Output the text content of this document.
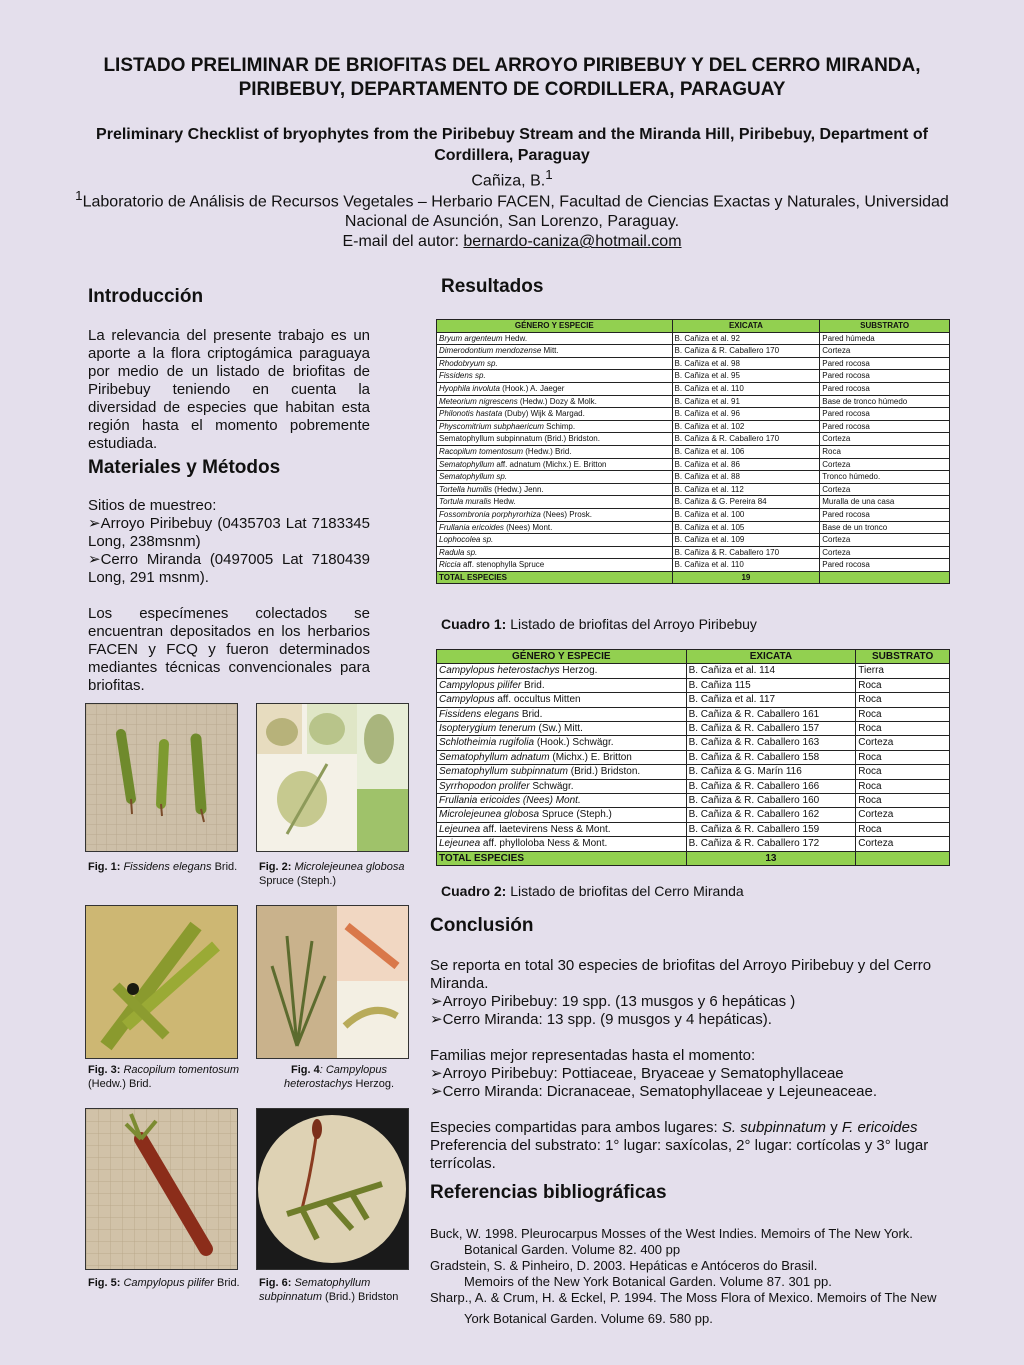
LISTADO PRELIMINAR DE BRIOFITAS DEL ARROYO PIRIBEBUY Y DEL CERRO MIRANDA, PIRIBEBUY, DEPARTAMENTO DE CORDILLERA, PARAGUAY
Preliminary Checklist of bryophytes from the Piribebuy Stream and the Miranda Hill, Piribebuy, Department of Cordillera, Paraguay
Cañiza, B.$^1$
$^1$Laboratorio de Análisis de Recursos Vegetales – Herbario FACEN, Facultad de Ciencias Exactas y Naturales, Universidad Nacional de Asunción, San Lorenzo, Paraguay.
E-mail del autor: bernardo-caniza@hotmail.com
Introducción
La relevancia del presente trabajo es un aporte a la flora criptogámica paraguaya por medio de un listado de briofitas de Piribebuy teniendo en cuenta la diversidad de especies que habitan esta región hasta el momento pobremente estudiada.
Materiales y Métodos

Sitios de muestreo:

➢ Arroyo Piribebuy (0435703 Lat 7183345 Long, 238msnm)
➢ Cerro Miranda (0497005 Lat 7180439 Long, 291 msnm).

Los especímenes colectados se encuentran depositados en los herbarios FACEN y FCQ y fueron determinados mediantes técnicas convencionales para briofitas.

Fig. 1: Fissidens elegans Brid.	Fig. 2: Microlejeunea globosa Spruce (Steph.)
Fig. 3: Racopilum tomentosum (Hedw.) Brid.
Fig. 4: Campylopus heterostachys Herzog.
Fig. 5: Campylopus pilifer Brid.	Fig. 6: Sematophyllum subpinnatum (Brid.) Bridston
Resultados
GÉNERO Y ESPECIE	EXICATA	SUBSTRATO
Bryum argenteum Hedw.	B. Cañiza et al. 92	Pared húmeda
Dimerodontium mendozense Mitt.	B. Cañiza & R. Caballero 170	Corteza
Rhodobryum sp.	B. Cañiza et al. 98	Pared rocosa
Fissidens sp.	B. Cañiza et al. 95	Pared rocosa
Hyophila involuta (Hook.) A. Jaeger	B. Cañiza et al. 110	Pared rocosa
Meteorium nigrescens (Hedw.) Dozy & Molk.	B. Cañiza et al. 91	Base de tronco húmedo
Philonotis hastata (Duby) Wijk & Margad.	B. Cañiza et al. 96	Pared rocosa
Physcomitrium subphaericum Schimp.	B. Cañiza et al. 102	Pared rocosa
Sematophyllum subpinnatum (Brid.) Bridston.	B. Cañiza & R. Caballero 170	Corteza
Racopilum tomentosum (Hedw.) Brid.	B. Cañiza et al. 106	Roca
Sematophyllum aff. adnatum (Michx.) E. Britton	B. Cañiza et al. 86	Corteza
Sematophyllum sp.	B. Cañiza et al. 88	Tronco húmedo.
Tortella humilis (Hedw.) Jenn.	B. Cañiza et al. 112	Corteza
Tortula muralis Hedw.	B. Cañiza & G. Pereira 84	Muralla de una casa
Fossombronia porphyrorhiza (Nees) Prosk.	B. Cañiza et al. 100	Pared rocosa
Frullania ericoides (Nees) Mont.	B. Cañiza et al. 105	Base de un tronco
Lophocolea sp.	B. Cañiza et al. 109	Corteza
Radula sp.	B. Cañiza & R. Caballero 170	Corteza
Riccia aff. stenophylla Spruce	B. Cañiza et al. 110	Pared rocosa
TOTAL ESPECIES	19	
Cuadro 1: Listado de briofitas del Arroyo Piribebuy
GÉNERO Y ESPECIE	EXICATA	SUBSTRATO
Campylopus heterostachys Herzog.	B. Cañiza et al. 114	Tierra
Campylopus pilifer Brid.	B. Cañiza 115	Roca
Campylopus aff. occultus Mitten	B. Cañiza et al. 117	Roca
Fissidens elegans Brid.	B. Cañiza & R. Caballero 161	Roca
Isopterygium tenerum (Sw.) Mitt.	B. Cañiza & R. Caballero 157	Roca
Schlotheimia rugifolia (Hook.) Schwägr.	B. Cañiza & R. Caballero 163	Corteza
Sematophyllum adnatum (Michx.) E. Britton	B. Cañiza & R. Caballero 158	Roca
Sematophyllum subpinnatum (Brid.) Bridston.	B. Cañiza & G. Marín 116	Roca
Syrrhopodon prolifer Schwägr.	B. Cañiza & R. Caballero 166	Roca
Frullania ericoides (Nees) Mont.	B. Cañiza & R. Caballero 160	Roca
Microlejeunea globosa Spruce (Steph.)	B. Cañiza & R. Caballero 162	Corteza
Lejeunea aff. laetevirens Ness & Mont.	B. Cañiza & R. Caballero 159	Roca
Lejeunea aff. phylloloba Ness & Mont.	B. Cañiza & R. Caballero 172	Corteza
TOTAL ESPECIES	13	
Cuadro 2: Listado de briofitas del Cerro Miranda
Conclusión
Se reporta en total 30 especies de briofitas del Arroyo Piribebuy y del Cerro Miranda.
➢ Arroyo Piribebuy: 19 spp. (13 musgos y 6 hepáticas )
➢ Cerro Miranda: 13 spp. (9 musgos y 4 hepáticas).
Familias mejor representadas hasta el momento:
➢ Arroyo Piribebuy: Pottiaceae, Bryaceae y Sematophyllaceae
➢ Cerro Miranda: Dicranaceae, Sematophyllaceae y Lejeuneaceae.
Especies compartidas para ambos lugares: S. subpinnatum y F. ericoides
Preferencia del substrato: 1° lugar: saxícolas, 2° lugar: cortícolas y 3° lugar terrícolas.
Referencias bibliográficas
Buck, W. 1998. Pleurocarpus Mosses of the West Indies. Memoirs of The New York.
Botanical Garden. Volume 82. 400 pp
Gradstein, S. & Pinheiro, D. 2003. Hepáticas e Antóceros do Brasil.
Memoirs of the New York Botanical Garden. Volume 87. 301 pp.
Sharp., A. & Crum, H. & Eckel, P. 1994. The Moss Flora of Mexico. Memoirs of The New
York Botanical Garden. Volume 69. 580 pp.
